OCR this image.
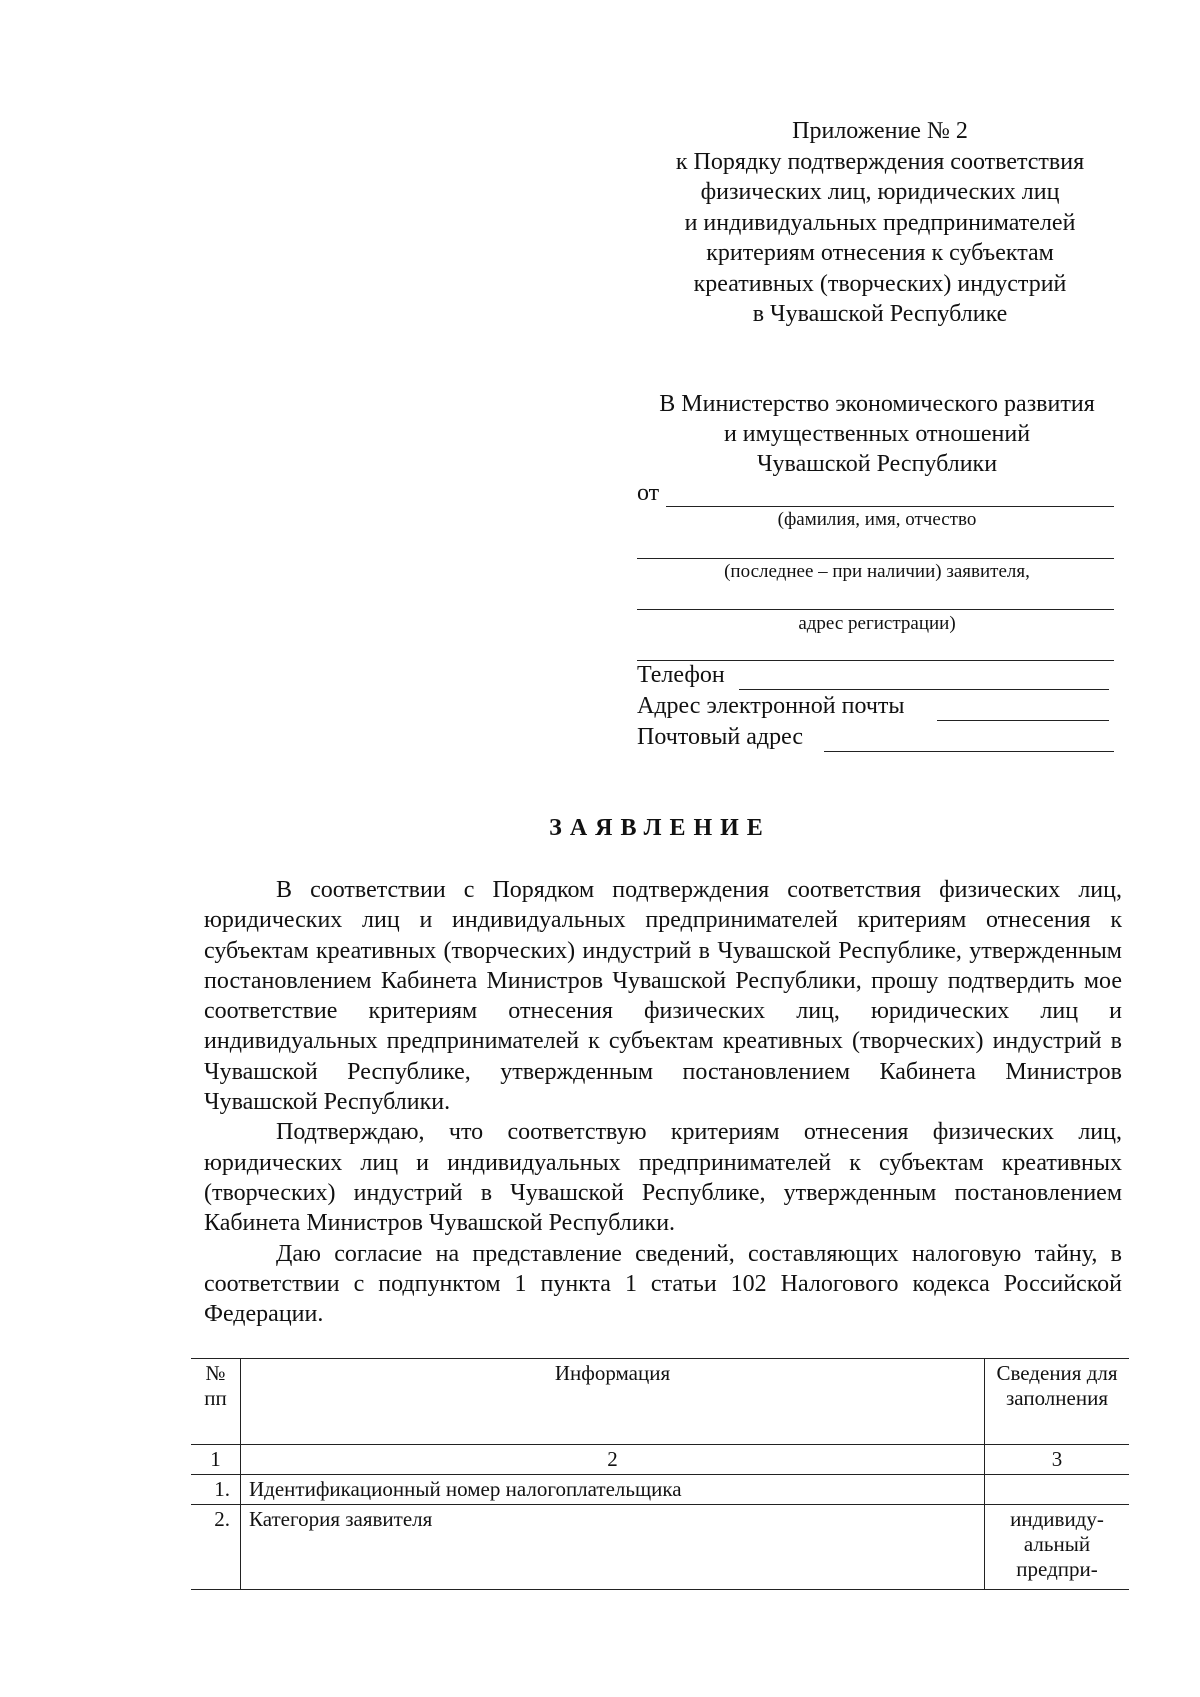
Приложение № 2
к Порядку подтверждения соответствия
физических лиц, юридических лиц
и индивидуальных предпринимателей
критериям отнесения к субъектам
креативных (творческих) индустрий
в Чувашской Республике
В Министерство экономического развития
и имущественных отношений
Чувашской Республики
от
(фамилия, имя, отчество
(последнее – при наличии) заявителя,
адрес регистрации)
Телефон
Адрес электронной почты
Почтовый адрес
ЗАЯВЛЕНИЕ

В соответствии с Порядком подтверждения соответствия физических лиц, юридических лиц и индивидуальных предпринимателей критериям отнесения к субъектам креативных (творческих) индустрий в Чувашской Республике, утвержденным постановлением Кабинета Министров Чувашской Республики, прошу подтвердить мое соответствие критериям отнесения физических лиц, юридических лиц и индивидуальных предпринимателей к субъектам креативных (творческих) индустрий в Чувашской Республике, утвержденным постановлением Кабинета Министров Чувашской Республики.

Подтверждаю, что соответствую критериям отнесения физических лиц, юридических лиц и индивидуальных предпринимателей к субъектам креативных (творческих) индустрий в Чувашской Республике, утвержденным постановлением Кабинета Министров Чувашской Республики.

Даю согласие на представление сведений, составляющих налоговую тайну, в соответствии с подпунктом 1 пункта 1 статьи 102 Налогового кодекса Российской Федерации.

№ пп	Информация	Сведения для заполнения
1	2	3
1.	Идентификационный номер налогоплательщика	
2.	Категория заявителя	индивидуальный предпри-
